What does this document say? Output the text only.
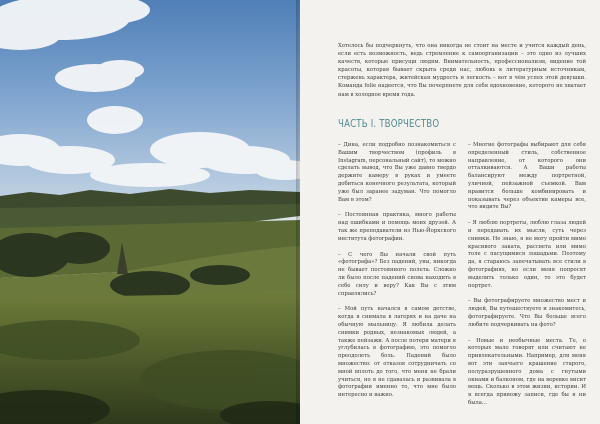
Хотелось бы подчеркнуть, что она никогда не стоит на месте и учится каждый день, если есть возможность, ведь стремление к самоорганизации – это одно из лучших качеств, которые присущи людям. Внимательность, профессионализм, видение той красоты, которая бывает скрыта среди нас, любовь к литературным источникам, стержень характера, житейская мудрость и легкость – вот в чём успех этой девушки. Команда folie надеется, что Вы почерпнете для себя вдохновение, которого не хватает нам в холодное время года.

ЧАСТЬ I. ТВОРЧЕСТВО

– Дина, если подробно познакомиться с Вашим творчеством (профиль в Instagram, персональный сайт), то можно сделать вывод, что Вы уже давно твердо держите камеру в руках и умеете добиться конечного результата, который уже был заранее задуман. Что помогло Вам в этом?

– Постоянная практика, много работы над ошибками и помощь моих друзей. А так же преподаватели из Нью-Йоркского института фотографии.

– С чего Вы начали свой путь «фотографа»? Без падений, увы, никогда не бывает постоянного полета. Сложно ли было после падений снова находить в себе силу и веру? Как Вы с этим справлялись?

– Мой путь начался в самом детстве, когда я снимала в лагерях и на даче на обычную мыльницу. Я любила делать снимки родных, незнакомых людей, а также пейзажи. А после потери матери я углубилась в фотографию, это помогло преодолеть боль. Падений было множество: от отказов сотрудничать со мной вплоть до того, что меня не брали учиться, но я не сдавалась и развивала в фотографии именно то, что мне было интересно и важно.

– Многие фотографы выбирают для себя определенный стиль, собственное направление, от которого они отталкиваются. А Ваши работы балансируют между портретной, уличной, пейзажной съемкой. Вам нравится больше комбинировать и показывать через объектив камеры все, что видите Вы?

– Я люблю портреты, люблю глаза людей и передавать их мысли, суть через снимки. Не знаю, я не могу пройти мимо красивого заката, рассвета или мимо толе с пасущимися лошадьми. Поэтому да, я стараюсь запечатывать все стили в фотографиях, но если меня попросят выделить только один, то это будет портрет.

– Вы фотографируете множество мест и людей, Вы путешествуете и знакомитесь, фотографируете. Что Вы больше всего любите подчеркивать на фото?

– Новые и необычные места. Те, о которых мало говорят или считают не привлекательными. Например, для меня вот эти заячьего крашение старого, полуразрушенного дома с гнутыми окнами и балконом, где на веревке висит вещь. Сколько в этом жизни, истории. И я всегда привожу записи, где бы я ни была...
